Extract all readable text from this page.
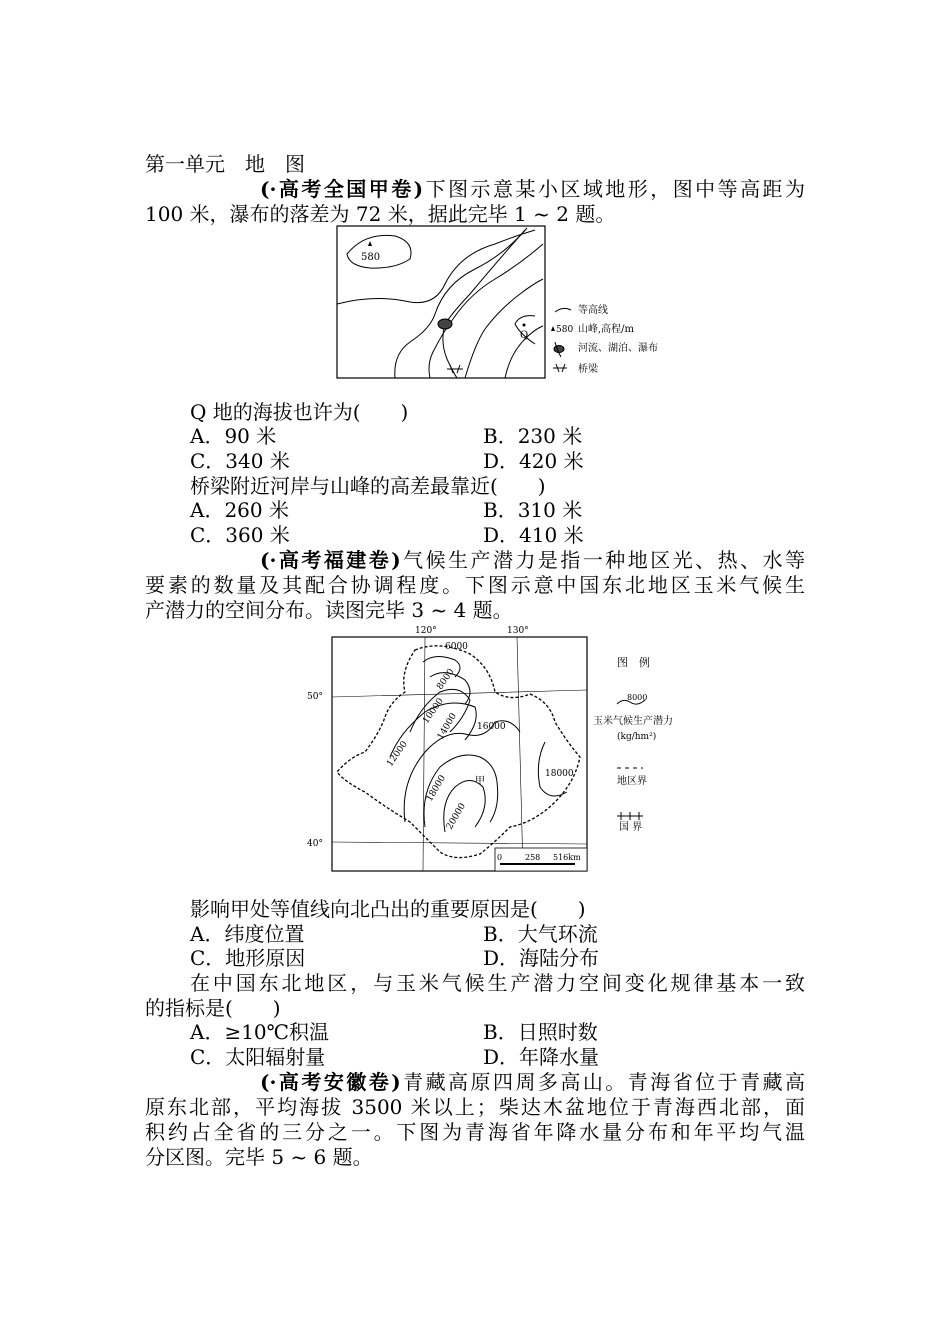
第一单元　地　图
(·高考全国甲卷)下图示意某小区域地形，图中等高距为
100 米，瀑布的落差为 72 米，据此完毕 1 ~ 2 题。
580
Q
等高线
580 山峰,高程/m
河流、湖泊、瀑布
桥梁
Q 地的海拔也许为(　　)
A．90 米	B．230 米
C．340 米	D．420 米
桥梁附近河岸与山峰的高差最靠近(　　)
A．260 米	B．310 米
C．360 米	D．410 米
(·高考福建卷)气候生产潜力是指一种地区光、热、水等
要素的数量及其配合协调程度。下图示意中国东北地区玉米气候生
产潜力的空间分布。读图完毕 3 ~ 4 题。
120°	130°
50°
40°
6000
8000
10000
12000
14000 16000
18000
20000
18000
甲
0	258 516km
图　例
8000
玉米气候生产潜力
(kg/hm²)
地区界
国 界
影响甲处等值线向北凸出的重要原因是(　　)
A．纬度位置	B．大气环流
C．地形原因	D．海陆分布
在中国东北地区，与玉米气候生产潜力空间变化规律基本一致
的指标是(　　)
A．≥10℃积温	B．日照时数
C．太阳辐射量	D．年降水量
(·高考安徽卷)青藏高原四周多高山。青海省位于青藏高
原东北部，平均海拔 3500 米以上；柴达木盆地位于青海西北部，面
积约占全省的三分之一。下图为青海省年降水量分布和年平均气温
分区图。完毕 5 ~ 6 题。
